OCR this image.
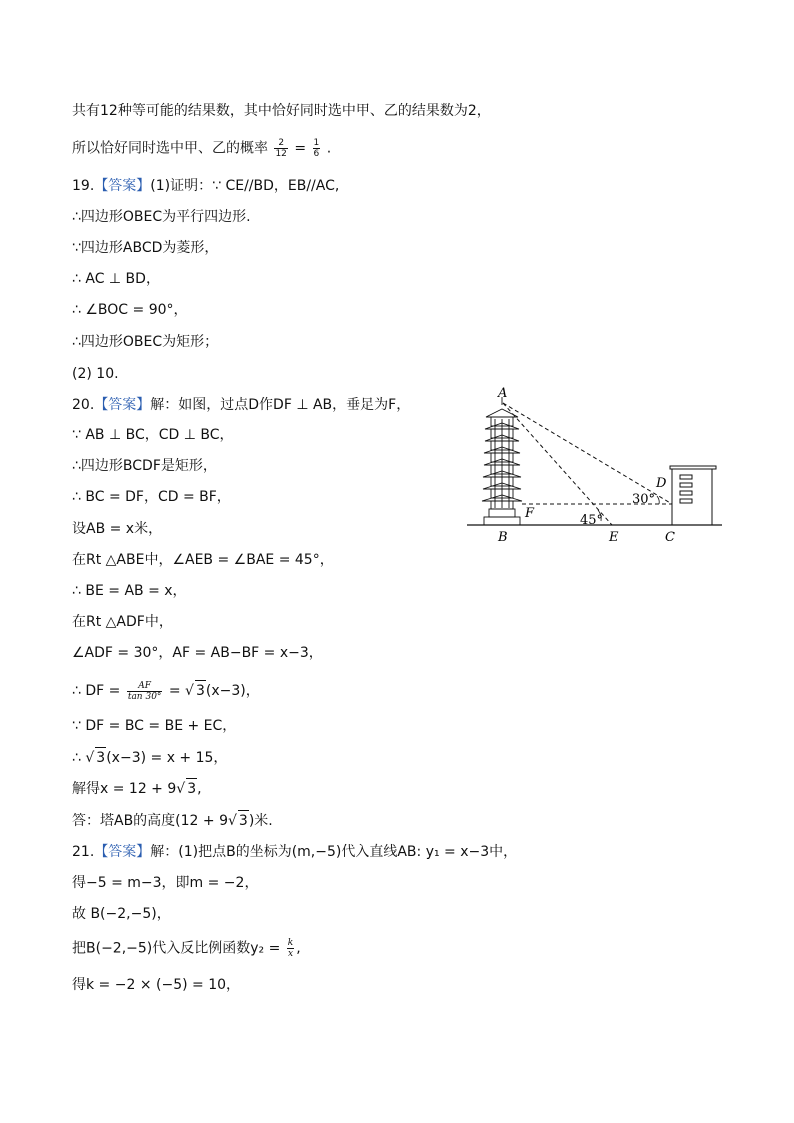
共有12种等可能的结果数，其中恰好同时选中甲、乙的结果数为2，
所以恰好同时选中甲、乙的概率 $\frac{2}{12} = \frac{1}{6}$ .
19.【答案】(1)证明：∵ CE//BD，EB//AC,
∴四边形OBEC为平行四边形.
∵四边形ABCD为菱形，
∴ AC ⊥ BD，
∴ ∠BOC = 90°，
∴四边形OBEC为矩形；
(2) 10.
20.【答案】解：如图，过点D作DF ⊥ AB，垂足为F，
∵ AB ⊥ BC，CD ⊥ BC，
∴四边形BCDF是矩形，
∴ BC = DF，CD = BF，
设AB = x米，
在Rt △ABE中，∠AEB = ∠BAE = 45°，
∴ BE = AB = x，
在Rt △ADF中，
∠ADF = 30°，AF = AB−BF = x−3，
∴ DF = $\frac{AF}{\tan 30^\circ}$ = √ 3(x−3)，
∵ DF = BC = BE + EC，
∴ √ 3(x−3) = x + 15，
解得x = 12 + 9√ 3,
答：塔AB的高度(12 + 9√ 3)米.
21.【答案】解：(1)把点B的坐标为(m,−5)代入直线AB: y₁ = x−3中，
得−5 = m−3，即m = −2，
故 B(−2,−5)，
把B(−2,−5)代入反比例函数$y_2 = \frac{k}{x}$ ,
得k = −2 × (−5) = 10，
A
B	C
D
E
F	45°
30°
